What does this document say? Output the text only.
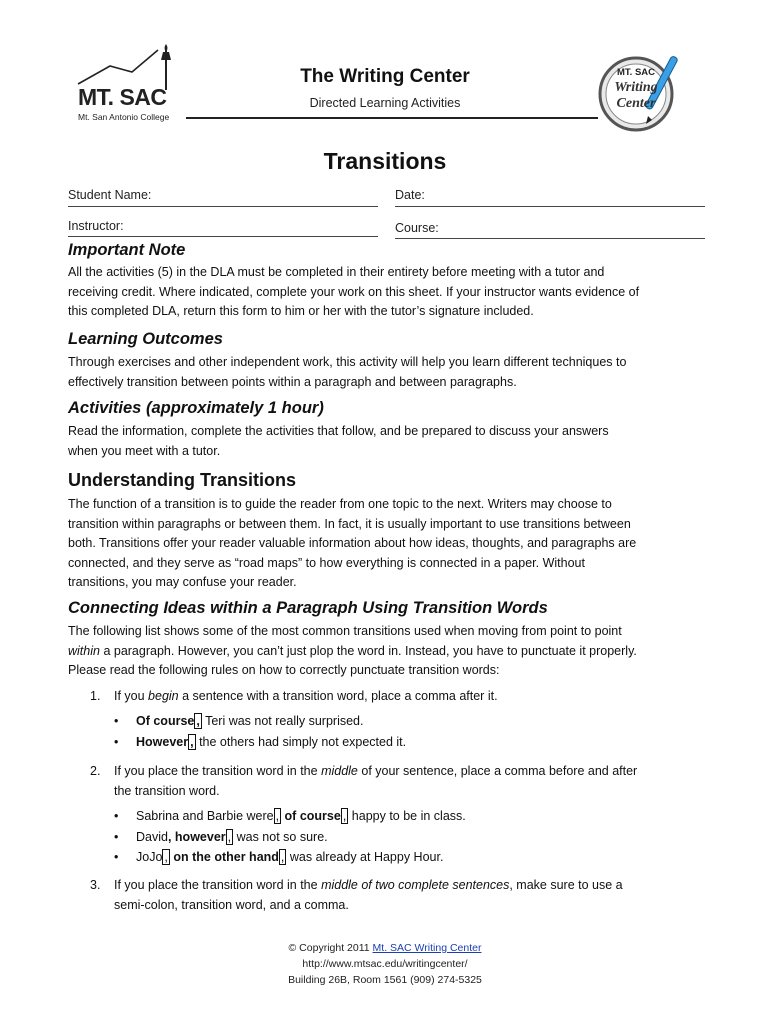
MT. SAC
Mt. San Antonio College
The Writing Center
Directed Learning Activities
MT. SAC
Writing
Center
Transitions
Student Name:	Date:
Instructor:	Course:
Important Note
All the activities (5) in the DLA must be completed in their entirety before meeting with a tutor and
receiving credit. Where indicated, complete your work on this sheet. If your instructor wants evidence of
this completed DLA, return this form to him or her with the tutor’s signature included.
Learning Outcomes
Through exercises and other independent work, this activity will help you learn different techniques to
effectively transition between points within a paragraph and between paragraphs.
Activities (approximately 1 hour)
Read the information, complete the activities that follow, and be prepared to discuss your answers
when you meet with a tutor.
Understanding Transitions
The function of a transition is to guide the reader from one topic to the next. Writers may choose to
transition within paragraphs or between them. In fact, it is usually important to use transitions between
both. Transitions offer your reader valuable information about how ideas, thoughts, and paragraphs are
connected, and they serve as “road maps” to how everything is connected in a paper. Without
transitions, you may confuse your reader.
Connecting Ideas within a Paragraph Using Transition Words
The following list shows some of the most common transitions used when moving from point to point
within a paragraph. However, you can’t just plop the word in. Instead, you have to punctuate it properly.
Please read the following rules on how to correctly punctuate transition words:
1. If you begin a sentence with a transition word, place a comma after it.
• Of course , Teri was not really surprised.
• However , the others had simply not expected it.
2. If you place the transition word in the middle of your sentence, place a comma before and after
the transition word.
• Sabrina and Barbie were , of course , happy to be in class.
• David, however , was not so sure.
• JoJo , on the other hand , was already at Happy Hour.
3. If you place the transition word in the middle of two complete sentences, make sure to use a
semi-colon, transition word, and a comma.
© Copyright 2011 Mt. SAC Writing Center
http://www.mtsac.edu/writingcenter/
Building 26B, Room 1561 (909) 274-5325
